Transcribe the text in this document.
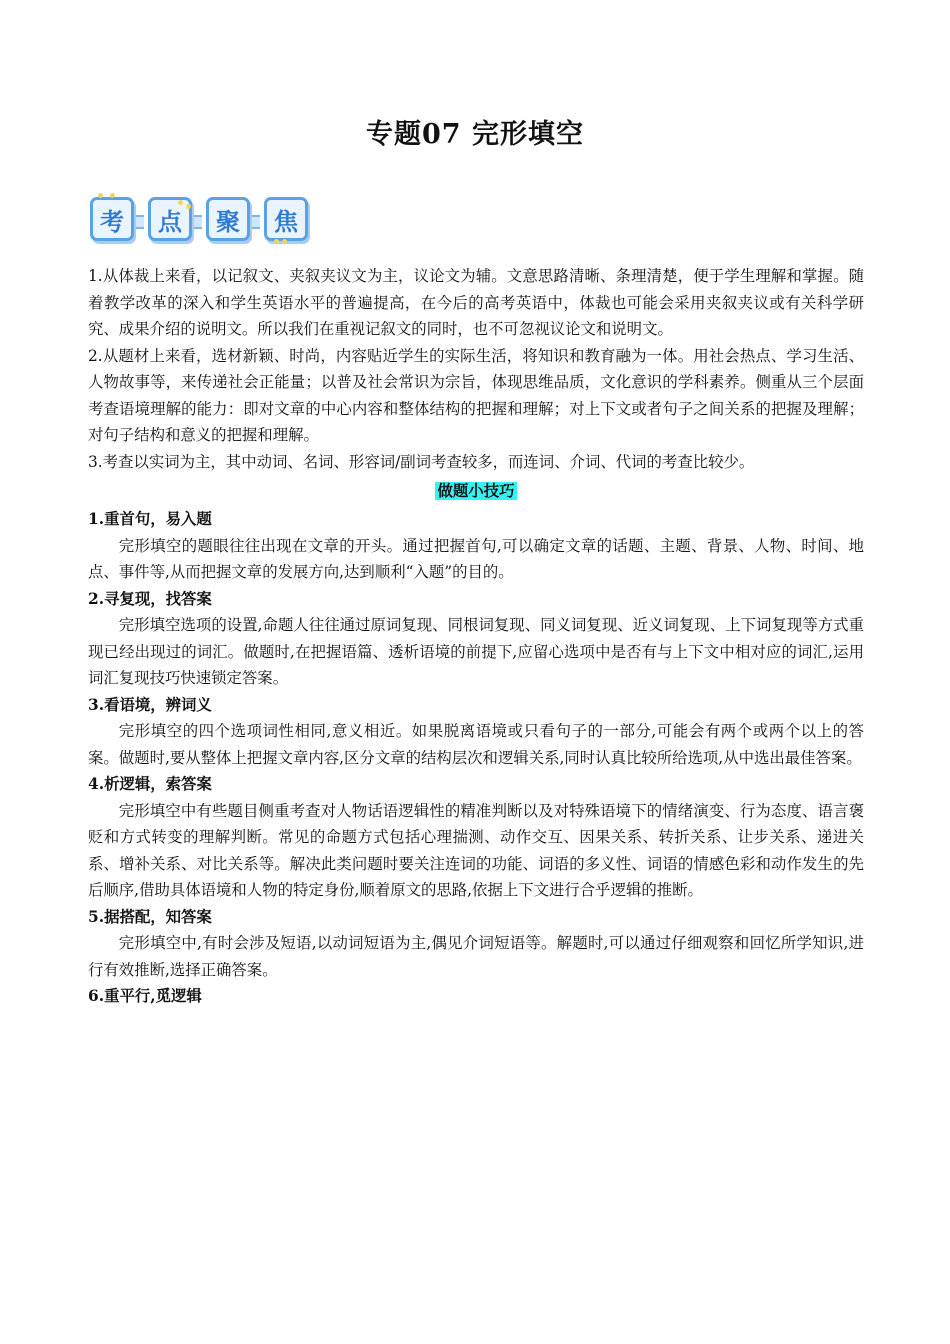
专题07 完形填空
考	点	聚	焦

1.从体裁上来看，以记叙文、夹叙夹议文为主，议论文为辅。文意思路清晰、条理清楚，便于学生理解和掌握。随着教学改革的深入和学生英语水平的普遍提高，在今后的高考英语中，体裁也可能会采用夹叙夹议或有关科学研究、成果介绍的说明文。所以我们在重视记叙文的同时，也不可忽视议论文和说明文。

2.从题材上来看，选材新颖、时尚，内容贴近学生的实际生活，将知识和教育融为一体。用社会热点、学习生活、人物故事等，来传递社会正能量；以普及社会常识为宗旨，体现思维品质，文化意识的学科素养。侧重从三个层面考查语境理解的能力：即对文章的中心内容和整体结构的把握和理解；对上下文或者句子之间关系的把握及理解；对句子结构和意义的把握和理解。

3.考查以实词为主，其中动词、名词、形容词/副词考查较多，而连词、介词、代词的考查比较少。

做题小技巧

1.重首句，易入题

完形填空的题眼往往出现在文章的开头。通过把握首句,可以确定文章的话题、主题、背景、人物、时间、地点、事件等,从而把握文章的发展方向,达到顺利“入题”的目的。

2.寻复现，找答案

完形填空选项的设置,命题人往往通过原词复现、同根词复现、同义词复现、近义词复现、上下词复现等方式重现已经出现过的词汇。做题时,在把握语篇、透析语境的前提下,应留心选项中是否有与上下文中相对应的词汇,运用词汇复现技巧快速锁定答案。

3.看语境，辨词义

完形填空的四个选项词性相同,意义相近。如果脱离语境或只看句子的一部分,可能会有两个或两个以上的答案。做题时,要从整体上把握文章内容,区分文章的结构层次和逻辑关系,同时认真比较所给选项,从中选出最佳答案。

4.析逻辑，索答案

完形填空中有些题目侧重考查对人物话语逻辑性的精准判断以及对特殊语境下的情绪演变、行为态度、语言褒贬和方式转变的理解判断。常见的命题方式包括心理揣测、动作交互、因果关系、转折关系、让步关系、递进关系、增补关系、对比关系等。解决此类问题时要关注连词的功能、词语的多义性、词语的情感色彩和动作发生的先后顺序,借助具体语境和人物的特定身份,顺着原文的思路,依据上下文进行合乎逻辑的推断。

5.据搭配，知答案

完形填空中,有时会涉及短语,以动词短语为主,偶见介词短语等。解题时,可以通过仔细观察和回忆所学知识,进行有效推断,选择正确答案。

6.重平行,觅逻辑
